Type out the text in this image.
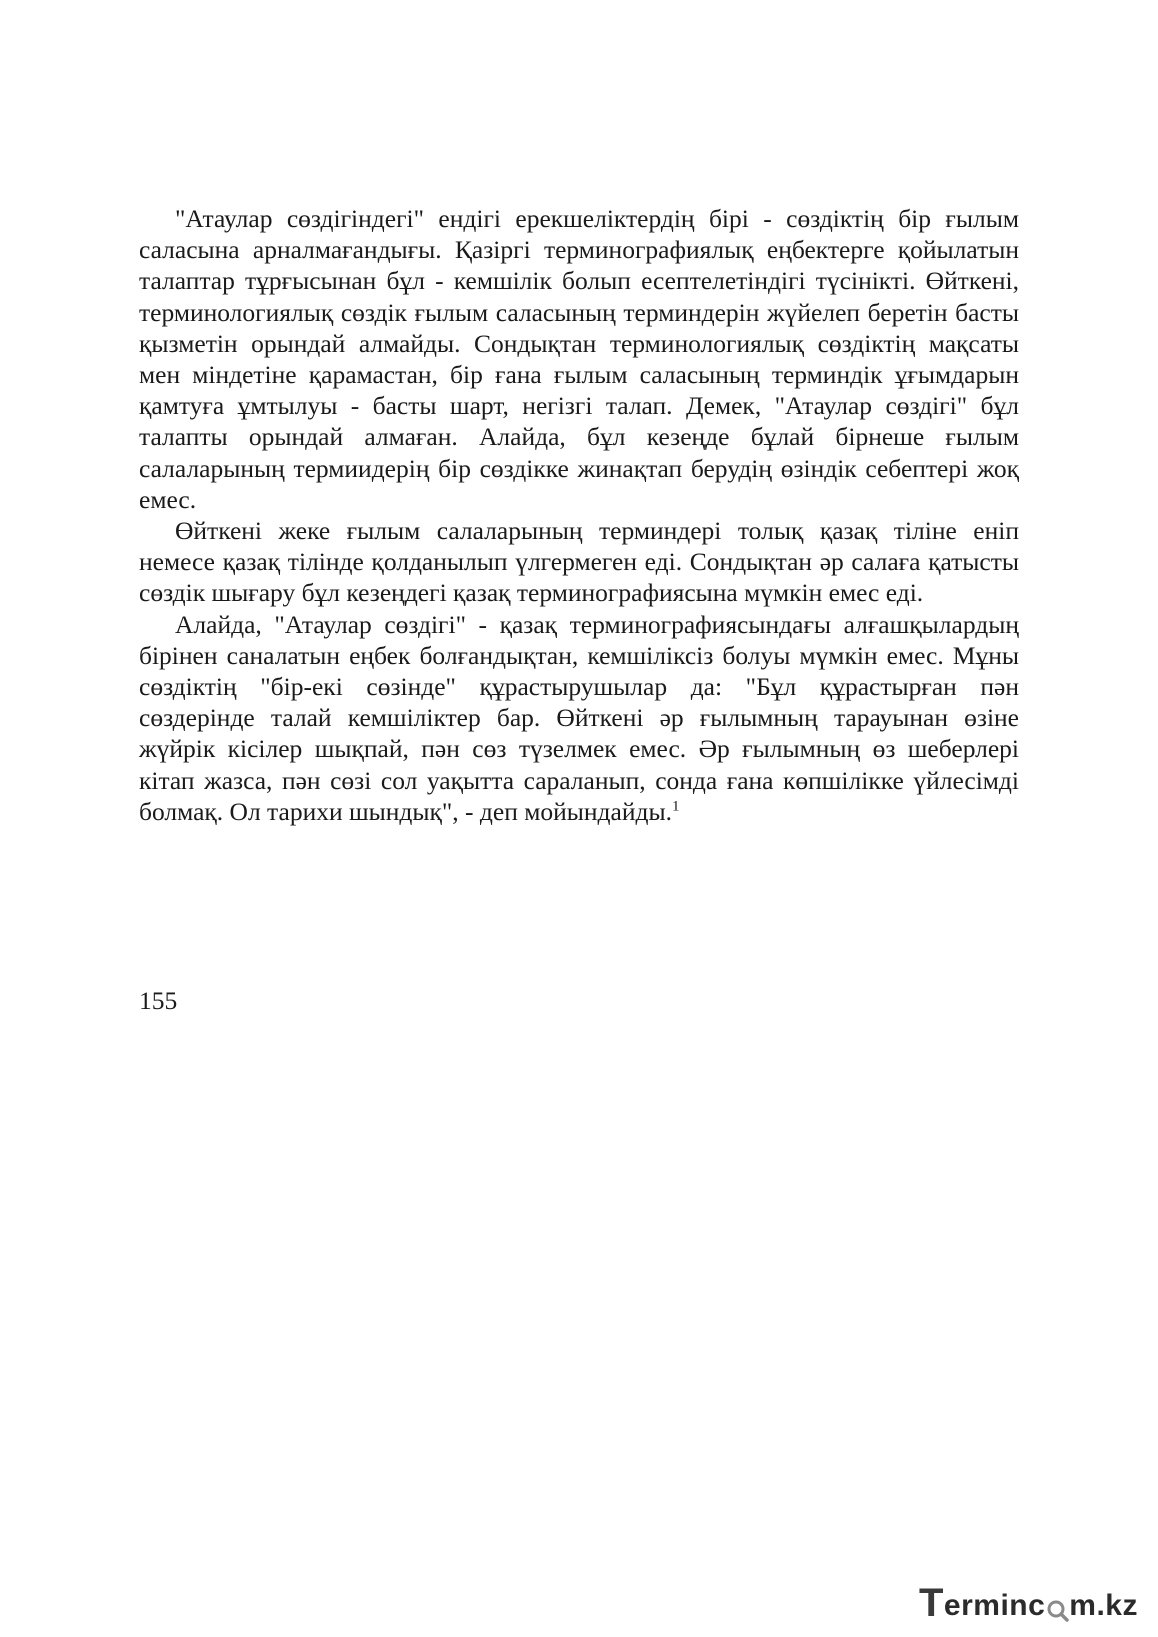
"Атаулар сөздігіндегі" ендігі ерекшеліктердің бірі - сөздіктің бір ғылым саласына арналмағандығы. Қазіргі терминографиялық еңбектерге қойылатын талаптар тұрғысынан бұл - кемшілік болып есептелетіндігі түсінікті. Өйткені, терминологиялық сөздік ғылым саласының терминдерін жүйелеп беретін басты қызметін орындай алмайды. Сондықтан терминологиялық сөздіктің мақсаты мен міндетіне қарамастан, бір ғана ғылым саласының терминдік ұғымдарын қамтуға ұмтылуы - басты шарт, негізгі талап. Демек, "Атаулар сөздігі" бұл талапты орындай алмаған. Алайда, бұл кезеңде бұлай бірнеше ғылым салаларының термиидерің бір сөздікке жинақтап берудің өзіндік себептері жоқ емес.

Өйткені жеке ғылым салаларының терминдері толық қазақ тіліне еніп немесе қазақ тілінде қолданылып үлгермеген еді. Сондықтан әр салаға қатысты сөздік шығару бұл кезеңдегі қазақ терминографиясына мүмкін емес еді.

Алайда, "Атаулар сөздігі" - қазақ терминографиясындағы алғашқылардың бірінен саналатын еңбек болғандықтан, кемшіліксіз болуы мүмкін емес. Мұны сөздіктің "бір-екі сөзінде" құрастырушылар да: "Бұл құрастырған пән сөздерінде талай кемшіліктер бар. Өйткені әр ғылымның тарауынан өзіне жүйрік кісілер шықпай, пән сөз түзелмек емес. Әр ғылымның өз шеберлері кітап жазса, пән сөзі сол уақытта сараланып, сонда ғана көпшілікке үйлесімді болмақ. Ол тарихи шындық", - деп мойындайды.$^1$

155
T erminc m.kz
